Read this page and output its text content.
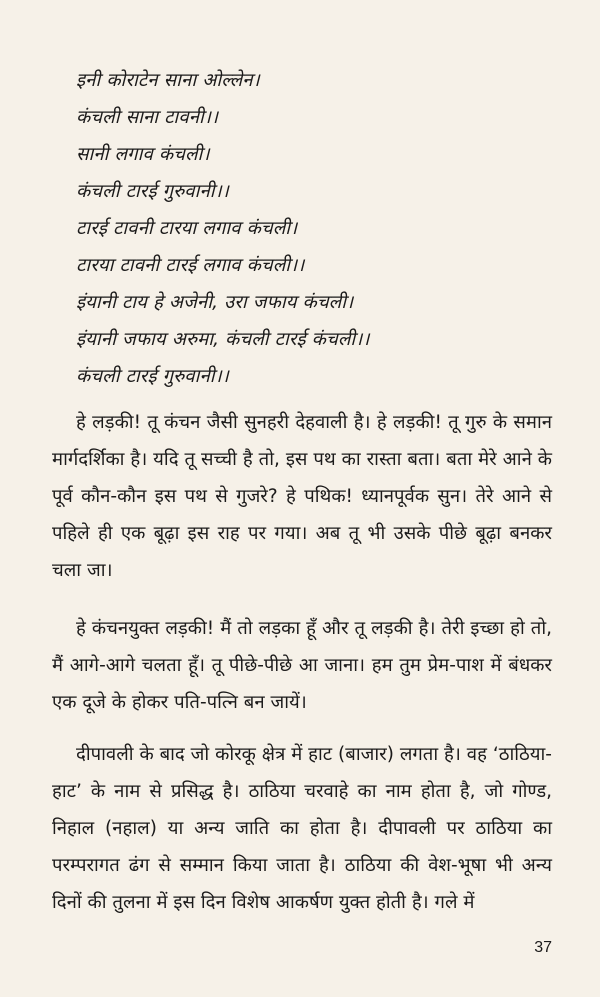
इनी कोराटेन साना ओल्लेन।
कंचली साना टावनी।।
सानी लगाव कंचली।
कंचली टारई गुरुवानी।।
टारई टावनी टारया लगाव कंचली।
टारया टावनी टारई लगाव कंचली।।
इंयानी टाय हे अजेनी, उरा जफाय कंचली।
इंयानी जफाय अरुमा, कंचली टारई कंचली।।
कंचली टारई गुरुवानी।।

हे लड़की! तू कंचन जैसी सुनहरी देहवाली है। हे लड़की! तू गुरु के समान मार्गदर्शिका है। यदि तू सच्ची है तो, इस पथ का रास्ता बता। बता मेरे आने के पूर्व कौन-कौन इस पथ से गुजरे? हे पथिक! ध्यानपूर्वक सुन। तेरे आने से पहिले ही एक बूढ़ा इस राह पर गया। अब तू भी उसके पीछे बूढ़ा बनकर चला जा।

हे कंचनयुक्त लड़की! मैं तो लड़का हूँ और तू लड़की है। तेरी इच्छा हो तो, मैं आगे-आगे चलता हूँ। तू पीछे-पीछे आ जाना। हम तुम प्रेम-पाश में बंधकर एक दूजे के होकर पति-पत्नि बन जायें।

दीपावली के बाद जो कोरकू क्षेत्र में हाट (बाजार) लगता है। वह ‘ठाठिया-हाट’ के नाम से प्रसिद्ध है। ठाठिया चरवाहे का नाम होता है, जो गोण्ड, निहाल (नहाल) या अन्य जाति का होता है। दीपावली पर ठाठिया का परम्परागत ढंग से सम्मान किया जाता है। ठाठिया की वेश-भूषा भी अन्य दिनों की तुलना में इस दिन विशेष आकर्षण युक्त होती है। गले में

37
